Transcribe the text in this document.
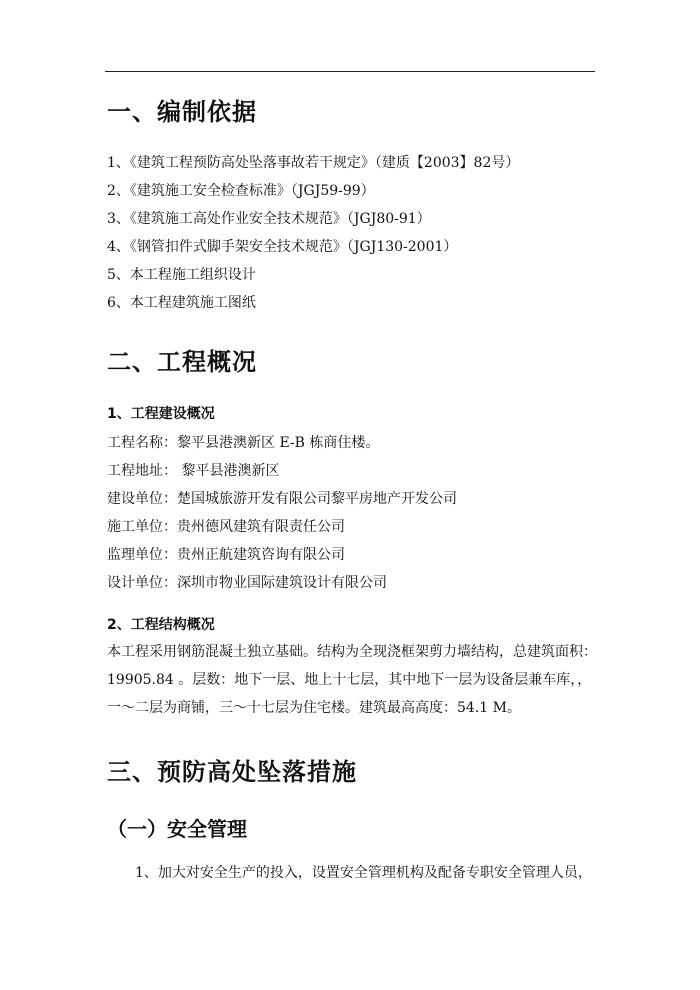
一、编制依据
1、《建筑工程预防高处坠落事故若干规定》（建质【2003】82号）
2、《建筑施工安全检查标准》（JGJ59-99）
3、《建筑施工高处作业安全技术规范》（JGJ80-91）
4、《钢管扣件式脚手架安全技术规范》（JGJ130-2001）
5、本工程施工组织设计
6、本工程建筑施工图纸
二、工程概况
1、工程建设概况
工程名称：黎平县港澳新区 E-B 栋商住楼。
工程地址： 黎平县港澳新区
建设单位：楚国城旅游开发有限公司黎平房地产开发公司
施工单位：贵州德风建筑有限责任公司
监理单位：贵州正航建筑咨询有限公司
设计单位：深圳市物业国际建筑设计有限公司
2、工程结构概况
本工程采用钢筋混凝土独立基础。结构为全现浇框架剪力墙结构，总建筑面积：19905.84 。层数：地下一层、地上十七层，其中地下一层为设备层兼车库，，一～二层为商铺，三～十七层为住宅楼。建筑最高高度：54.1 M。
三、预防高处坠落措施
（一）安全管理
1、加大对安全生产的投入，设置安全管理机构及配备专职安全管理人员，
